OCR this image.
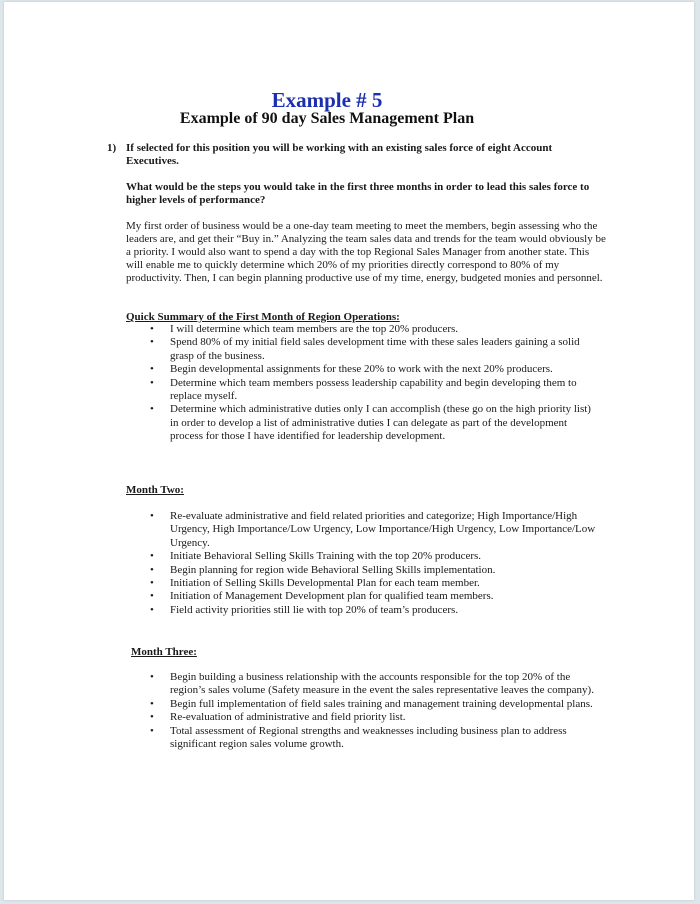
Example # 5
Example of 90 day Sales Management Plan
1) If selected for this position you will be working with an existing sales force of eight Account Executives.
What would be the steps you would take in the first three months in order to lead this sales force to higher levels of performance?
My first order of business would be a one-day team meeting to meet the members, begin assessing who the leaders are, and get their “Buy in.” Analyzing the team sales data and trends for the team would obviously be a priority. I would also want to spend a day with the top Regional Sales Manager from another state. This will enable me to quickly determine which 20% of my priorities directly correspond to 80% of my productivity. Then, I can begin planning productive use of my time, energy, budgeted monies and personnel.
Quick Summary of the First Month of Region Operations:
• I will determine which team members are the top 20% producers.
• Spend 80% of my initial field sales development time with these sales leaders gaining a solid grasp of the business.
• Begin developmental assignments for these 20% to work with the next 20% producers.
• Determine which team members possess leadership capability and begin developing them to replace myself.
• Determine which administrative duties only I can accomplish (these go on the high priority list) in order to develop a list of administrative duties I can delegate as part of the development process for those I have identified for leadership development.
Month Two:
• Re-evaluate administrative and field related priorities and categorize; High Importance/High Urgency, High Importance/Low Urgency, Low Importance/High Urgency, Low Importance/Low Urgency.
• Initiate Behavioral Selling Skills Training with the top 20% producers.
• Begin planning for region wide Behavioral Selling Skills implementation.
• Initiation of Selling Skills Developmental Plan for each team member.
• Initiation of Management Development plan for qualified team members.
• Field activity priorities still lie with top 20% of team’s producers.
Month Three:
• Begin building a business relationship with the accounts responsible for the top 20% of the region’s sales volume (Safety measure in the event the sales representative leaves the company).
• Begin full implementation of field sales training and management training developmental plans.
• Re-evaluation of administrative and field priority list.
• Total assessment of Regional strengths and weaknesses including business plan to address significant region sales volume growth.
